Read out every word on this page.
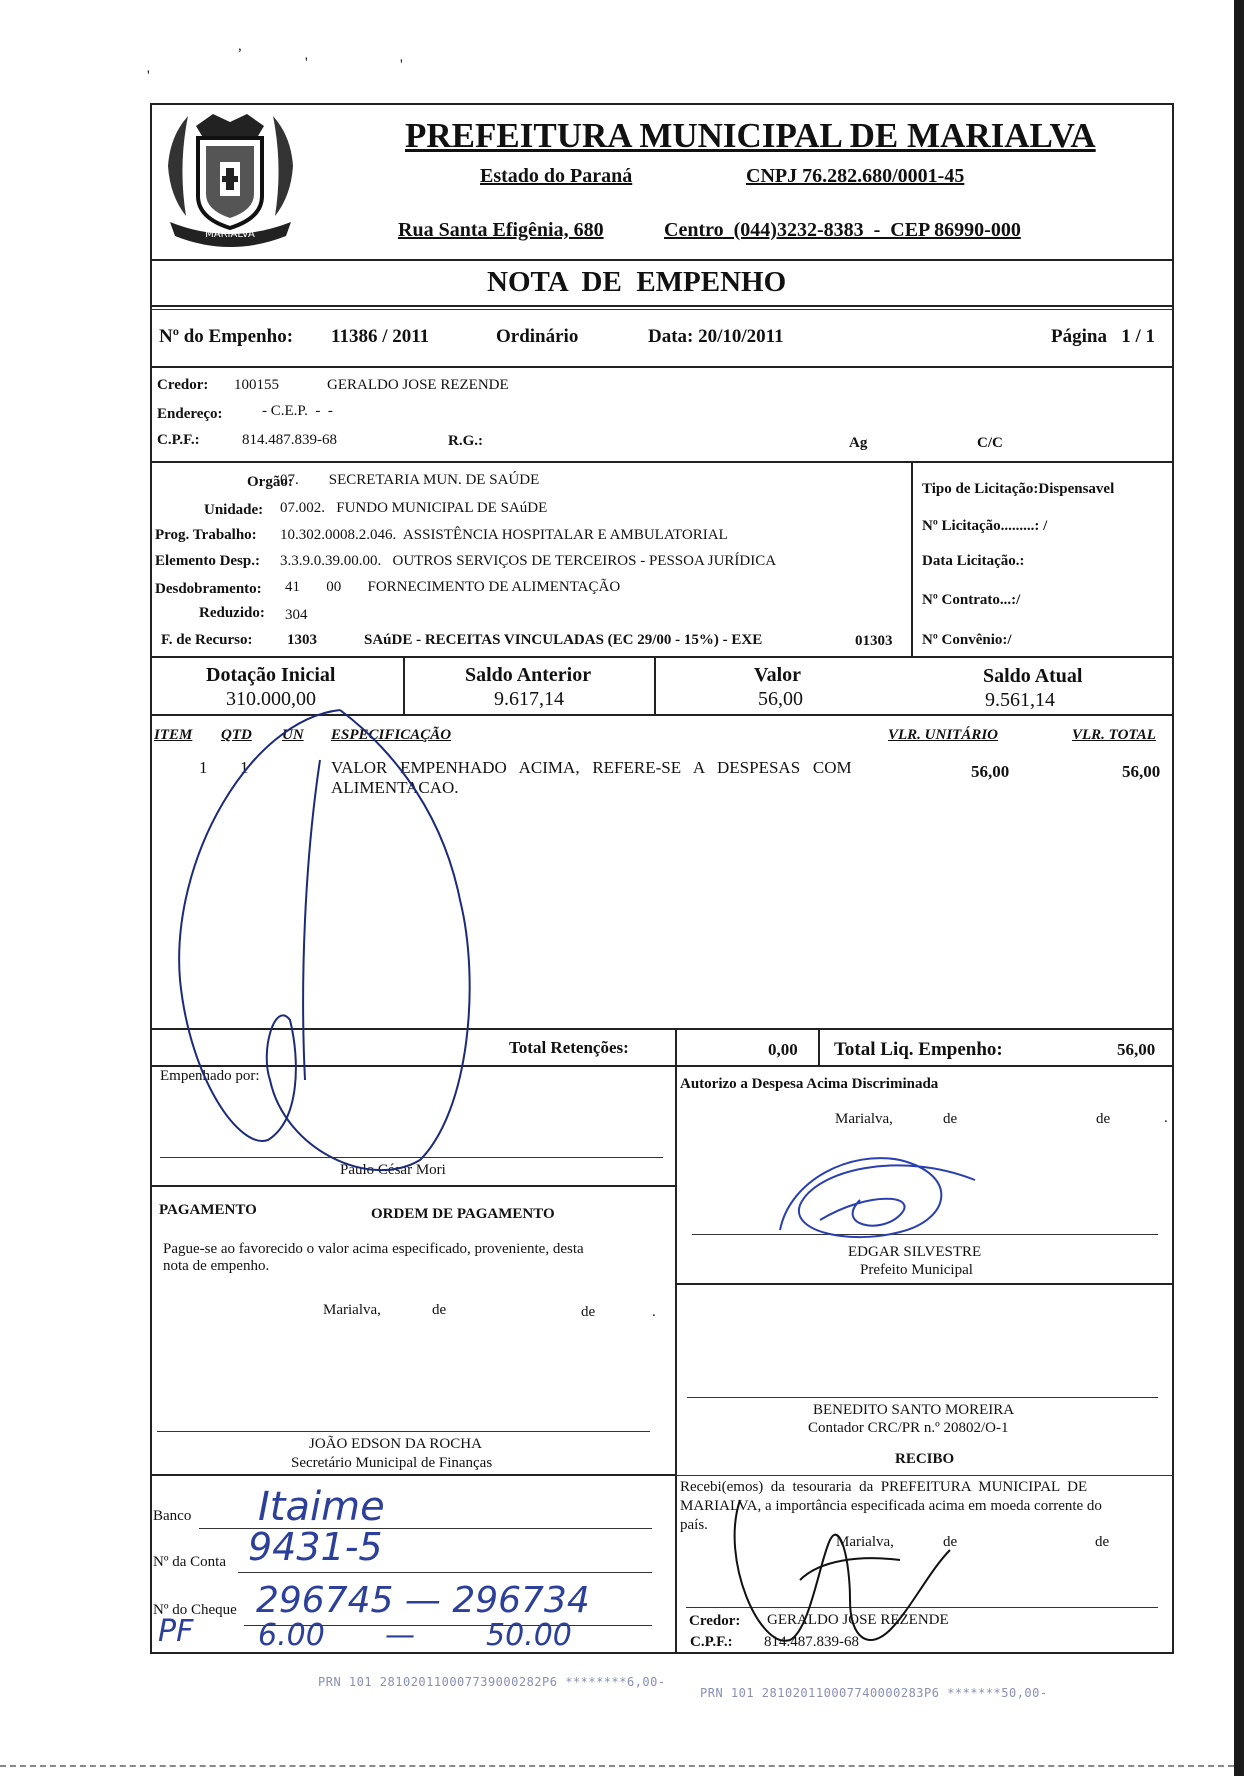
,
'	'
'
MARIALVA
PREFEITURA MUNICIPAL DE MARIALVA
Estado do Paraná	CNPJ 76.282.680/0001-45
Rua Santa Efigênia, 680	Centro  (044)3232-8383  -  CEP 86990-000
NOTA  DE  EMPENHO
Nº do Empenho: 11386 / 2011	Ordinário	Data: 20/10/2011	Página   1 / 1
Credor: 100155	GERALDO JOSE REZENDE
Endereço:	- C.E.P.  -  -
C.P.F.:	814.487.839-68	R.G.:	Ag	C/C
Orgão:
07.        SECRETARIA MUN. DE SAÚDE
Unidade: 07.002.   FUNDO MUNICIPAL DE SAúDE
Prog. Trabalho: 10.302.0008.2.046.  ASSISTÊNCIA HOSPITALAR E AMBULATORIAL
Elemento Desp.: 3.3.9.0.39.00.00.   OUTROS SERVIÇOS DE TERCEIROS - PESSOA JURÍDICA
Desdobramento: 41       00       FORNECIMENTO DE ALIMENTAÇÃO
Reduzido: 304
F. de Recurso: 1303	SAúDE - RECEITAS VINCULADAS (EC 29/00 - 15%) - EXE	01303
Tipo de Licitação:Dispensavel
Nº Licitação.........: /
Data Licitação.:
Nº Contrato...:/
Nº Convênio:/
Dotação Inicial
310.000,00
Saldo Anterior
9.617,14
Valor
56,00
Saldo Atual
9.561,14
ITEM QTD UN ESPECIFICAÇÃO	VLR. UNITÁRIO	VLR. TOTAL
1 1	VALOR   EMPENHADO   ACIMA,   REFERE-SE   A   DESPESAS   COM
ALIMENTACAO.
56,00	56,00
Total Retenções:	0,00 Total Liq. Empenho:	56,00
Empenhado por:
Paulo César Mori
Autorizo a Despesa Acima Discriminada
Marialva,	de	de	.
EDGAR SILVESTRE
Prefeito Municipal
PAGAMENTO	ORDEM DE PAGAMENTO
Pague-se ao favorecido o valor acima especificado, proveniente, desta
nota de empenho.
Marialva,	de	de	.
JOÃO EDSON DA ROCHA
Secretário Municipal de Finanças
BENEDITO SANTO MOREIRA
Contador CRC/PR n.º 20802/O-1
RECIBO
Recebi(emos)  da  tesouraria  da  PREFEITURA  MUNICIPAL  DE
MARIALVA, a importância especificada acima em moeda corrente do
país.
Marialva,	de	de
Credor: GERALDO JOSE REZENDE
C.P.F.: 814.487.839-68
Banco Itaime
Nº da Conta 9431-5
Nº do Cheque 296745 — 296734
PF 6.00 — 50.00
PRN 101 281020110007739000282P6 ********6,00-
PRN 101 281020110007740000283P6 *******50,00-
